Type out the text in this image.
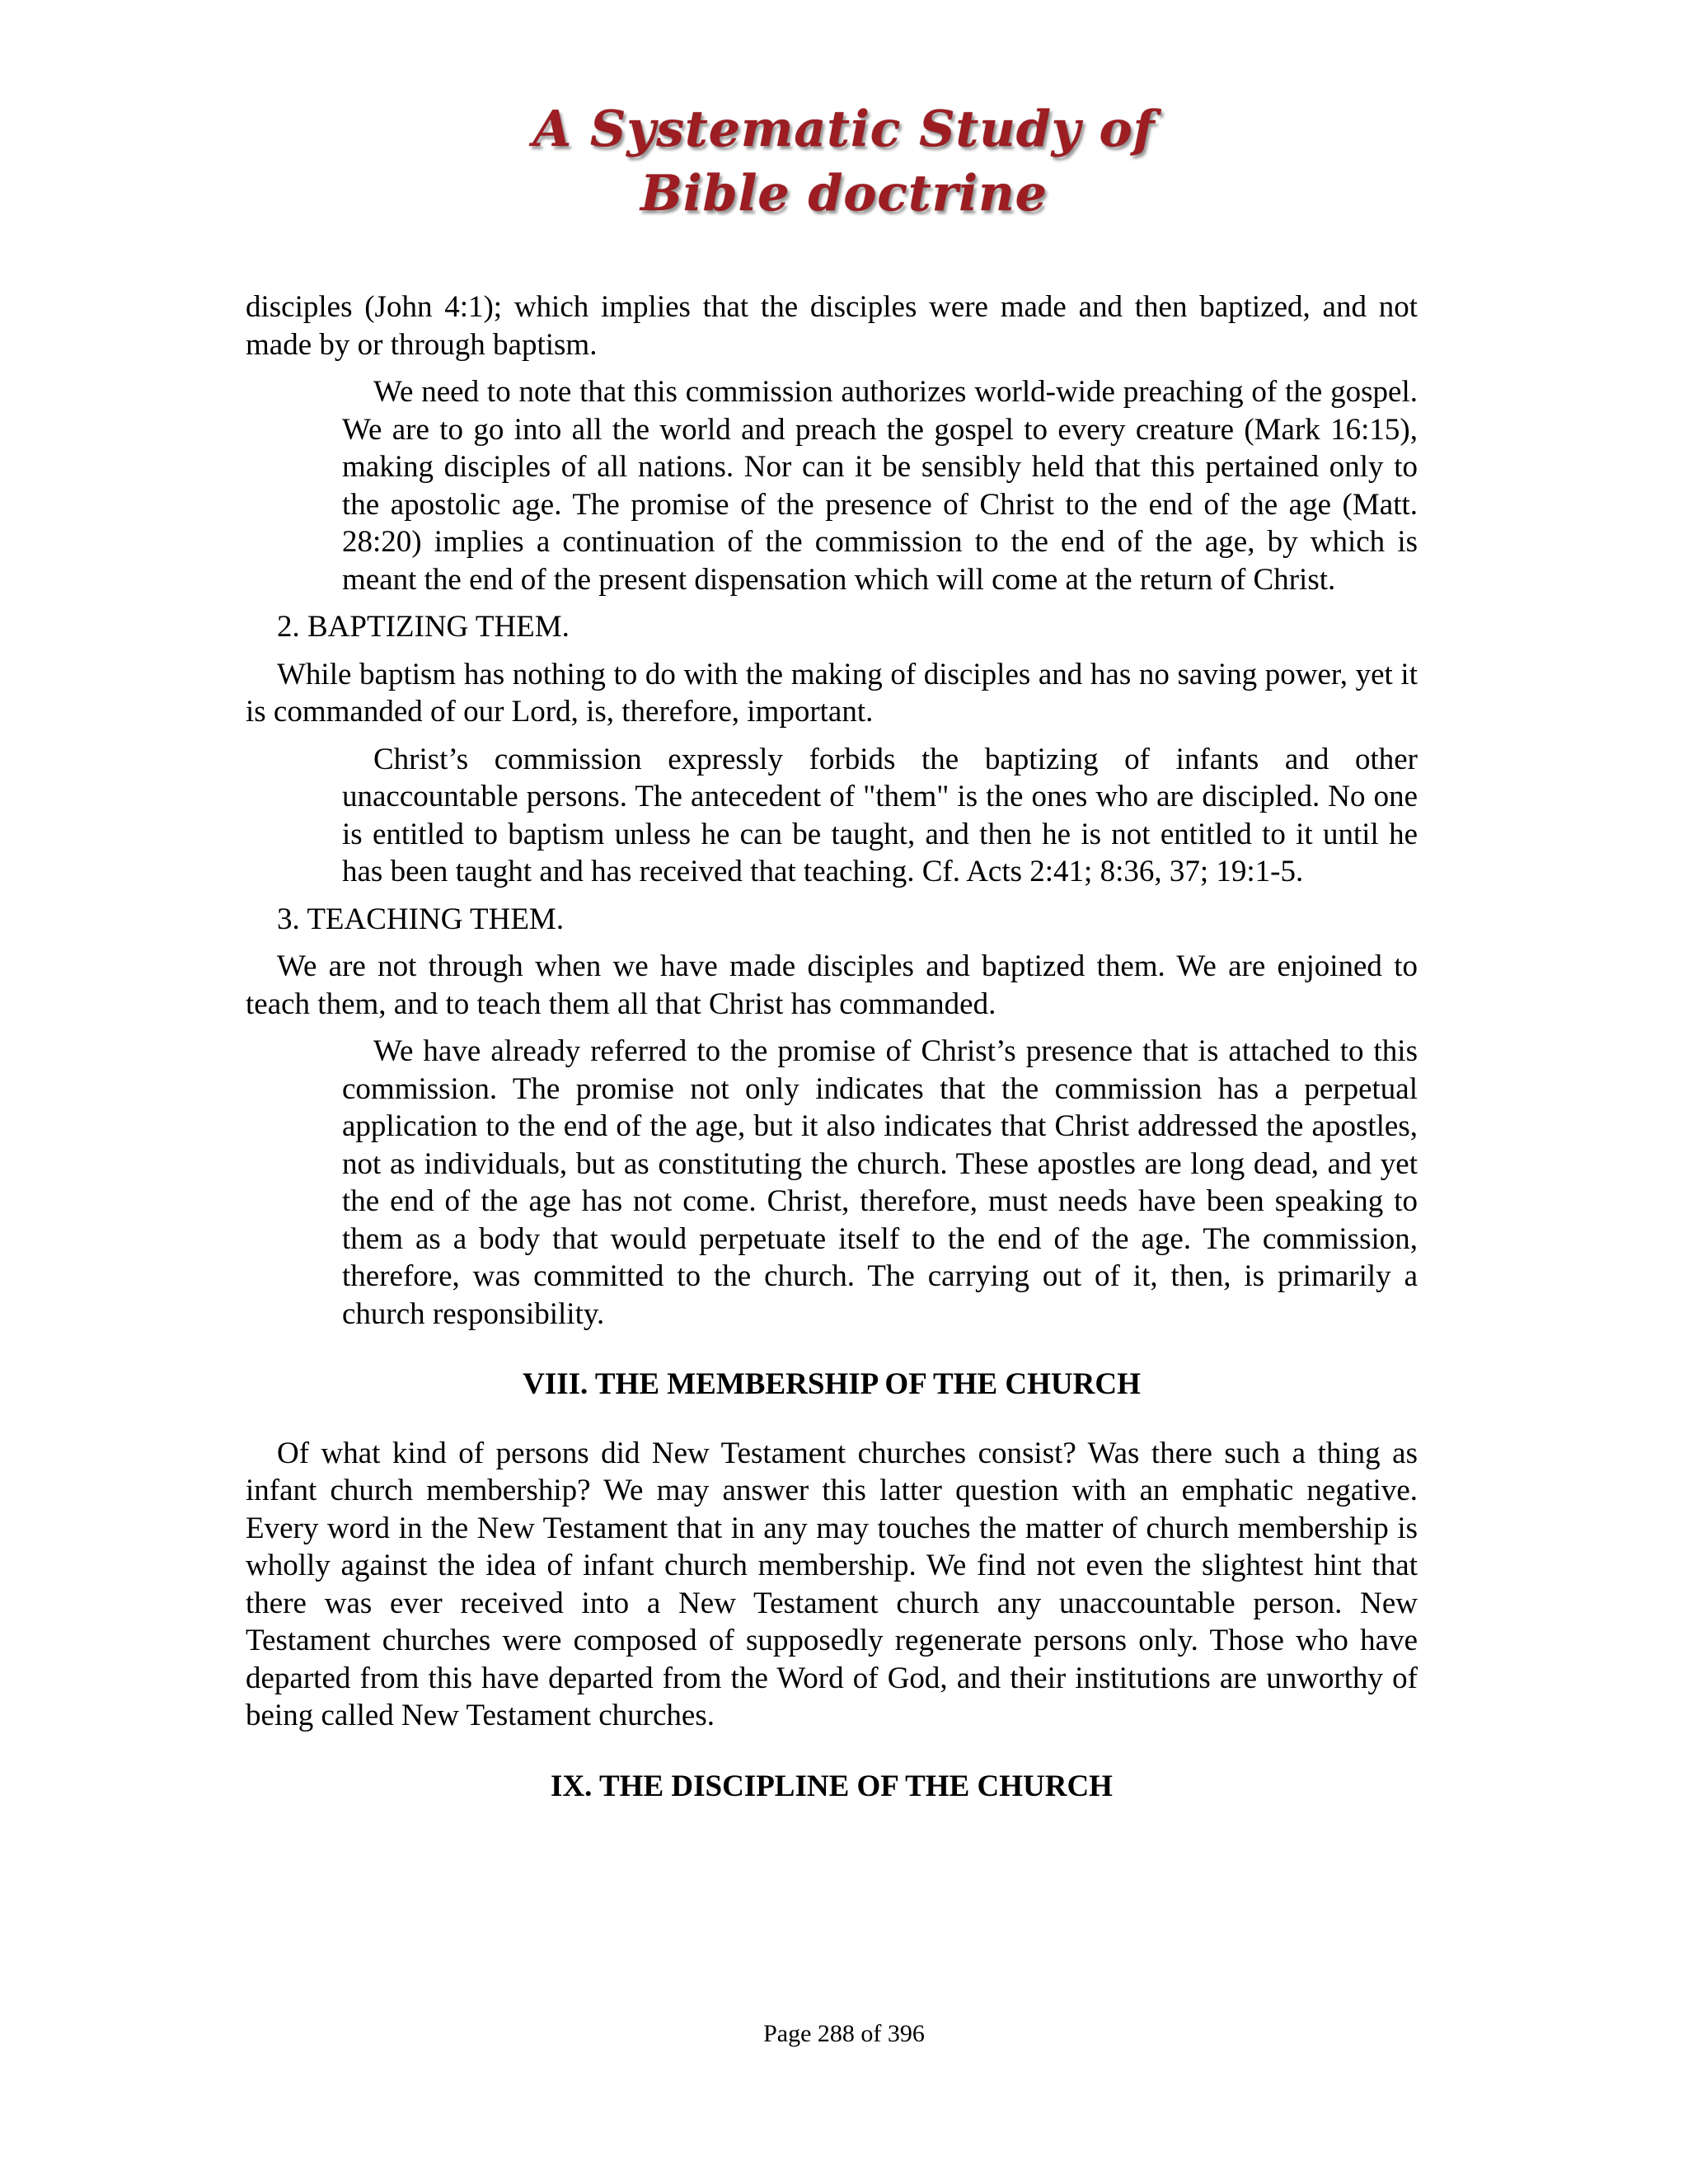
A Systematic Study of
Bible doctrine
disciples (John 4:1); which implies that the disciples were made and then baptized, and not made by or through baptism.
We need to note that this commission authorizes world-wide preaching of the gospel. We are to go into all the world and preach the gospel to every creature (Mark 16:15), making disciples of all nations. Nor can it be sensibly held that this pertained only to the apostolic age. The promise of the presence of Christ to the end of the age (Matt. 28:20) implies a continuation of the commission to the end of the age, by which is meant the end of the present dispensation which will come at the return of Christ.
2. BAPTIZING THEM.
While baptism has nothing to do with the making of disciples and has no saving power, yet it is commanded of our Lord, is, therefore, important.
Christ’s commission expressly forbids the baptizing of infants and other unaccountable persons. The antecedent of "them" is the ones who are discipled. No one is entitled to baptism unless he can be taught, and then he is not entitled to it until he has been taught and has received that teaching. Cf. Acts 2:41; 8:36, 37; 19:1-5.
3. TEACHING THEM.
We are not through when we have made disciples and baptized them. We are enjoined to teach them, and to teach them all that Christ has commanded.
We have already referred to the promise of Christ’s presence that is attached to this commission. The promise not only indicates that the commission has a perpetual application to the end of the age, but it also indicates that Christ addressed the apostles, not as individuals, but as constituting the church. These apostles are long dead, and yet the end of the age has not come. Christ, therefore, must needs have been speaking to them as a body that would perpetuate itself to the end of the age. The commission, therefore, was committed to the church. The carrying out of it, then, is primarily a church responsibility.
VIII. THE MEMBERSHIP OF THE CHURCH
Of what kind of persons did New Testament churches consist? Was there such a thing as infant church membership? We may answer this latter question with an emphatic negative. Every word in the New Testament that in any may touches the matter of church membership is wholly against the idea of infant church membership. We find not even the slightest hint that there was ever received into a New Testament church any unaccountable person. New Testament churches were composed of supposedly regenerate persons only. Those who have departed from this have departed from the Word of God, and their institutions are unworthy of being called New Testament churches.
IX. THE DISCIPLINE OF THE CHURCH
Page 288 of 396
